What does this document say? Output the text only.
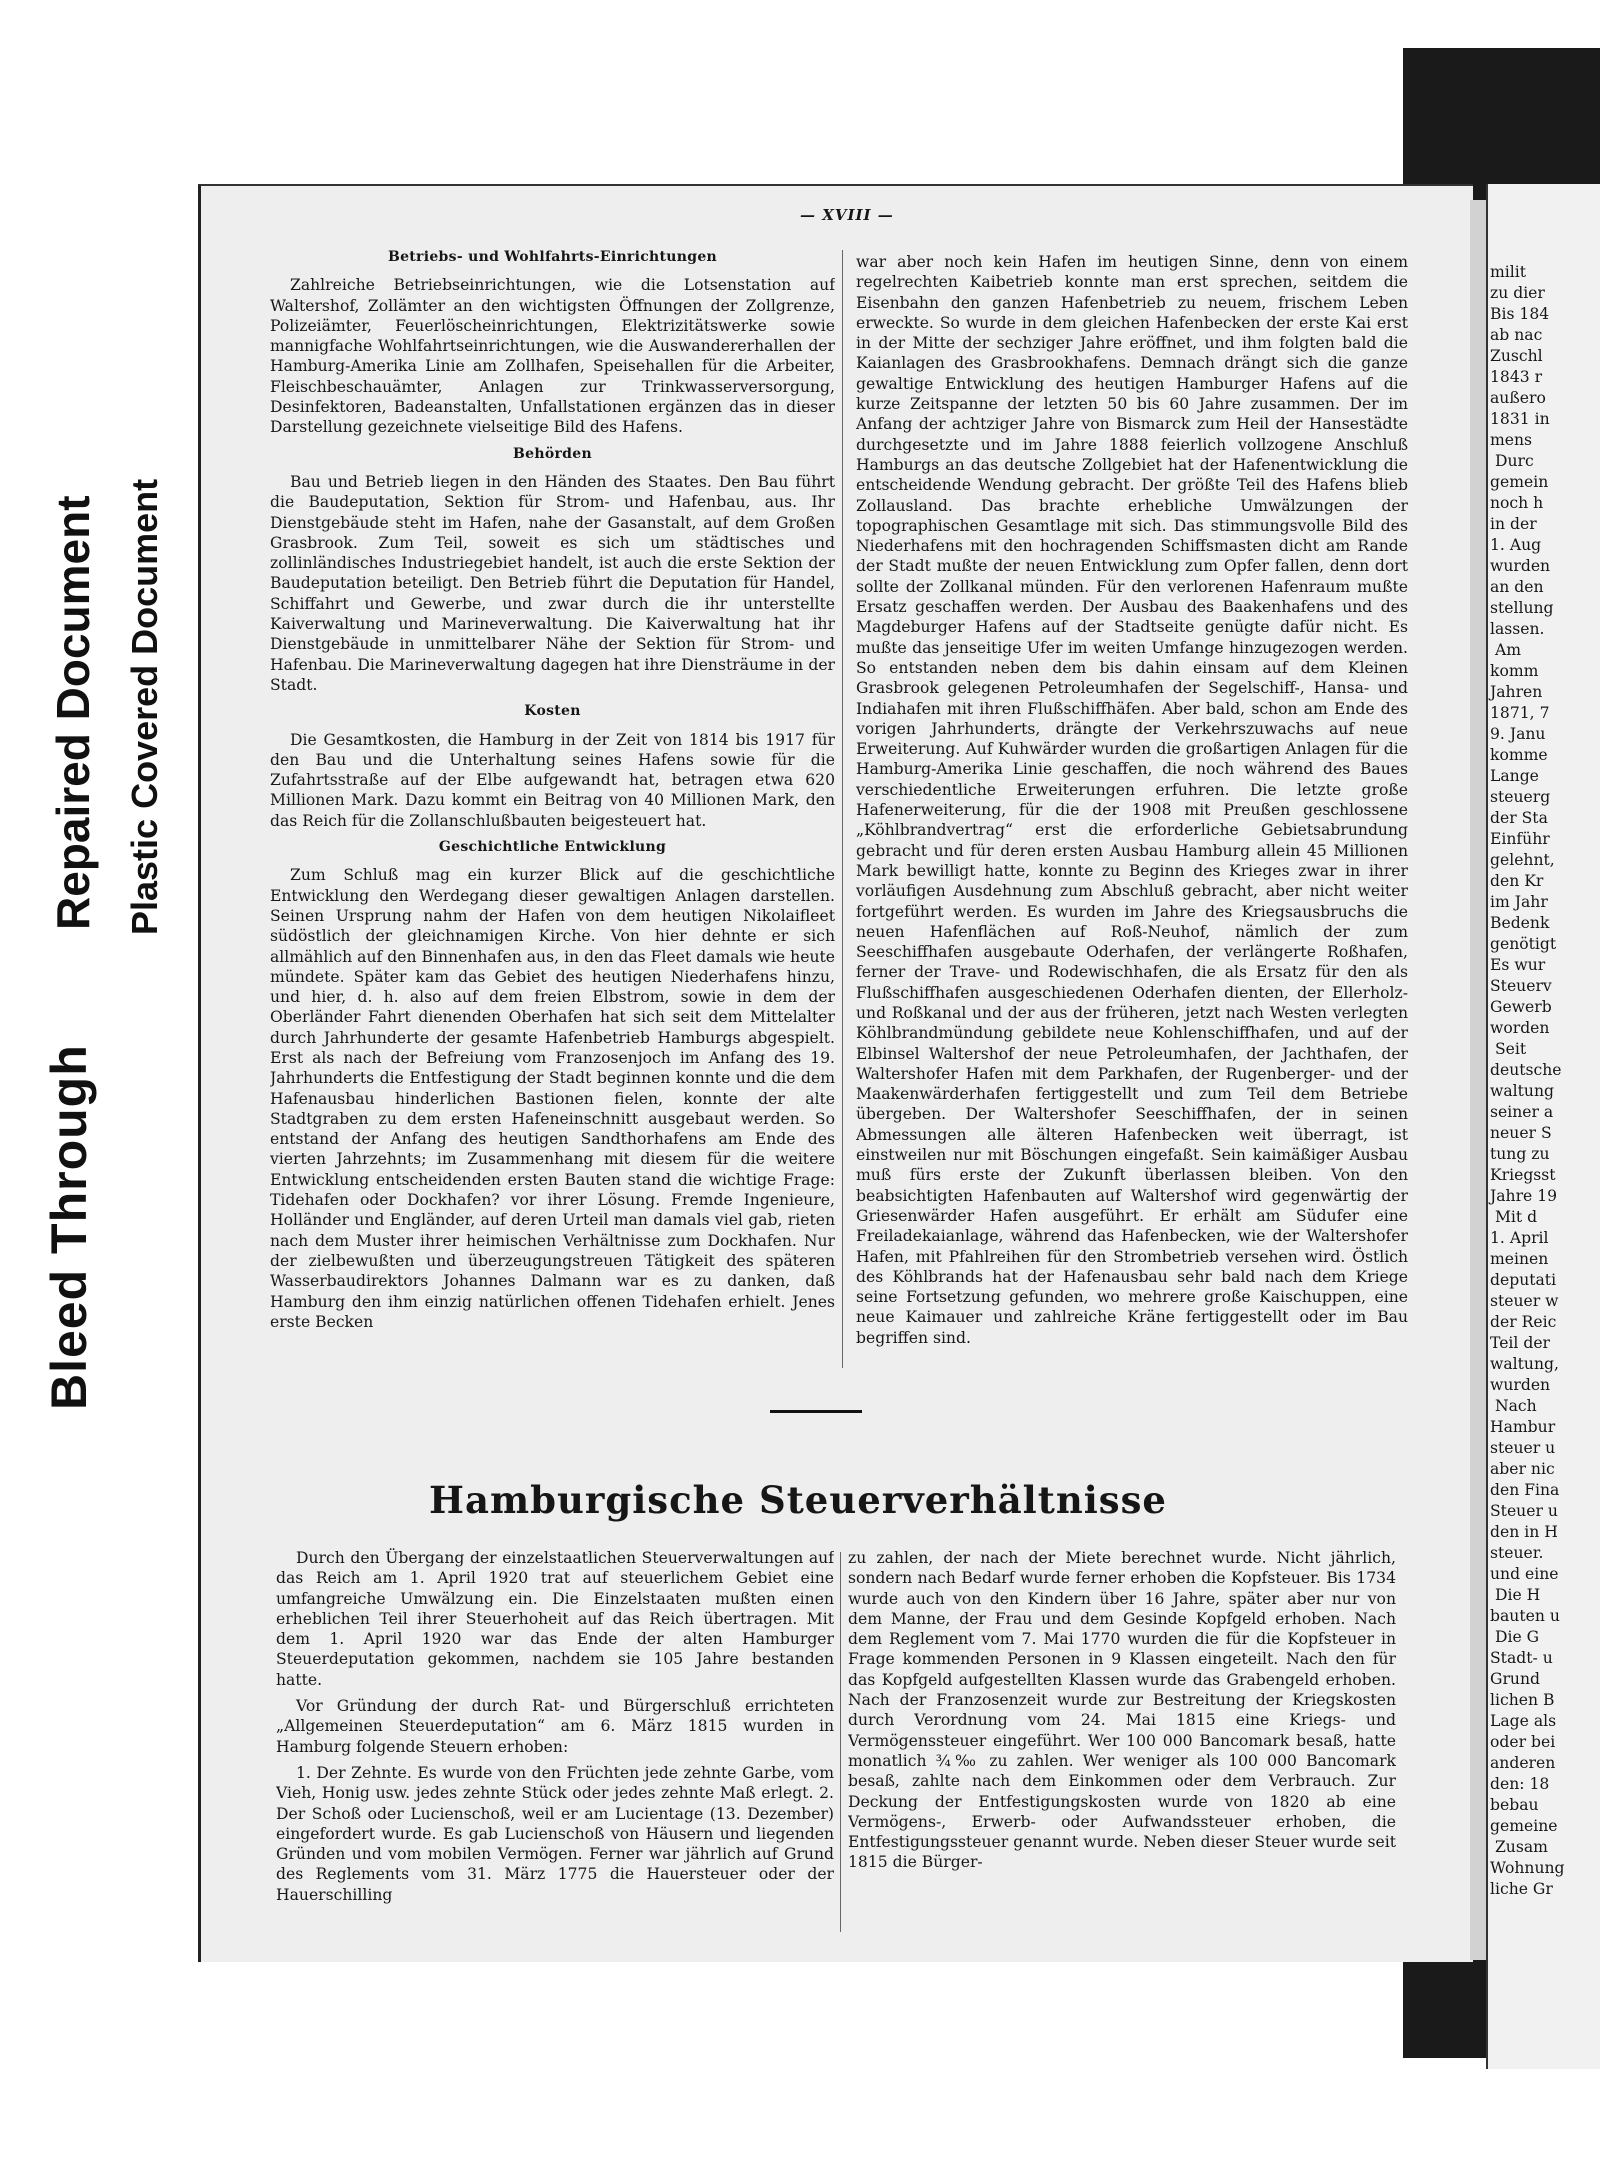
Bleed Through
Repaired Document Plastic Covered Document
— XVIII —
Betriebs- und Wohlfahrts-Einrichtungen

Zahlreiche Betriebseinrichtungen, wie die Lotsenstation auf Waltershof, Zollämter an den wichtigsten Öffnungen der Zollgrenze, Polizeiämter, Feuerlöscheinrichtungen, Elektrizitätswerke sowie mannigfache Wohlfahrtseinrichtungen, wie die Auswandererhallen der Hamburg-Amerika Linie am Zollhafen, Speisehallen für die Arbeiter, Fleischbeschauämter, Anlagen zur Trinkwasserversorgung, Desinfektoren, Badeanstalten, Unfallstationen ergänzen das in dieser Darstellung gezeichnete vielseitige Bild des Hafens.

Behörden

Bau und Betrieb liegen in den Händen des Staates. Den Bau führt die Baudeputation, Sektion für Strom- und Hafenbau, aus. Ihr Dienstgebäude steht im Hafen, nahe der Gasanstalt, auf dem Großen Grasbrook. Zum Teil, soweit es sich um städtisches und zollinländisches Industriegebiet handelt, ist auch die erste Sektion der Baudeputation beteiligt. Den Betrieb führt die Deputation für Handel, Schiffahrt und Gewerbe, und zwar durch die ihr unterstellte Kaiverwaltung und Marineverwaltung. Die Kaiverwaltung hat ihr Dienstgebäude in unmittelbarer Nähe der Sektion für Strom- und Hafenbau. Die Marineverwaltung dagegen hat ihre Diensträume in der Stadt.

Kosten

Die Gesamtkosten, die Hamburg in der Zeit von 1814 bis 1917 für den Bau und die Unterhaltung seines Hafens sowie für die Zufahrtsstraße auf der Elbe aufgewandt hat, betragen etwa 620 Millionen Mark. Dazu kommt ein Beitrag von 40 Millionen Mark, den das Reich für die Zollanschlußbauten beigesteuert hat.

Geschichtliche Entwicklung

Zum Schluß mag ein kurzer Blick auf die geschichtliche Entwicklung den Werdegang dieser gewaltigen Anlagen darstellen. Seinen Ursprung nahm der Hafen von dem heutigen Nikolaifleet südöstlich der gleichnamigen Kirche. Von hier dehnte er sich allmählich auf den Binnenhafen aus, in den das Fleet damals wie heute mündete. Später kam das Gebiet des heutigen Niederhafens hinzu, und hier, d. h. also auf dem freien Elbstrom, sowie in dem der Oberländer Fahrt dienenden Oberhafen hat sich seit dem Mittelalter durch Jahrhunderte der gesamte Hafenbetrieb Hamburgs abgespielt. Erst als nach der Befreiung vom Franzosenjoch im Anfang des 19. Jahrhunderts die Entfestigung der Stadt beginnen konnte und die dem Hafenausbau hinderlichen Bastionen fielen, konnte der alte Stadtgraben zu dem ersten Hafeneinschnitt ausgebaut werden. So entstand der Anfang des heutigen Sandthorhafens am Ende des vierten Jahrzehnts; im Zusammenhang mit diesem für die weitere Entwicklung entscheidenden ersten Bauten stand die wichtige Frage: Tidehafen oder Dockhafen? vor ihrer Lösung. Fremde Ingenieure, Holländer und Engländer, auf deren Urteil man damals viel gab, rieten nach dem Muster ihrer heimischen Verhältnisse zum Dockhafen. Nur der zielbewußten und überzeugungstreuen Tätigkeit des späteren Wasserbaudirektors Johannes Dalmann war es zu danken, daß Hamburg den ihm einzig natürlichen offenen Tidehafen erhielt. Jenes erste Becken

war aber noch kein Hafen im heutigen Sinne, denn von einem regelrechten Kaibetrieb konnte man erst sprechen, seitdem die Eisenbahn den ganzen Hafenbetrieb zu neuem, frischem Leben erweckte. So wurde in dem gleichen Hafenbecken der erste Kai erst in der Mitte der sechziger Jahre eröffnet, und ihm folgten bald die Kaianlagen des Grasbrookhafens. Demnach drängt sich die ganze gewaltige Entwicklung des heutigen Hamburger Hafens auf die kurze Zeitspanne der letzten 50 bis 60 Jahre zusammen. Der im Anfang der achtziger Jahre von Bismarck zum Heil der Hansestädte durchgesetzte und im Jahre 1888 feierlich vollzogene Anschluß Hamburgs an das deutsche Zollgebiet hat der Hafenentwicklung die entscheidende Wendung gebracht. Der größte Teil des Hafens blieb Zollausland. Das brachte erhebliche Umwälzungen der topographischen Gesamtlage mit sich. Das stimmungsvolle Bild des Niederhafens mit den hochragenden Schiffsmasten dicht am Rande der Stadt mußte der neuen Entwicklung zum Opfer fallen, denn dort sollte der Zollkanal münden. Für den verlorenen Hafenraum mußte Ersatz geschaffen werden. Der Ausbau des Baakenhafens und des Magdeburger Hafens auf der Stadtseite genügte dafür nicht. Es mußte das jenseitige Ufer im weiten Umfange hinzugezogen werden. So entstanden neben dem bis dahin einsam auf dem Kleinen Grasbrook gelegenen Petroleumhafen der Segelschiff-, Hansa- und Indiahafen mit ihren Flußschiffhäfen. Aber bald, schon am Ende des vorigen Jahrhunderts, drängte der Verkehrszuwachs auf neue Erweiterung. Auf Kuhwärder wurden die großartigen Anlagen für die Hamburg-Amerika Linie geschaffen, die noch während des Baues verschiedentliche Erweiterungen erfuhren. Die letzte große Hafenerweiterung, für die der 1908 mit Preußen geschlossene „Köhlbrandvertrag“ erst die erforderliche Gebietsabrundung gebracht und für deren ersten Ausbau Hamburg allein 45 Millionen Mark bewilligt hatte, konnte zu Beginn des Krieges zwar in ihrer vorläufigen Ausdehnung zum Abschluß gebracht, aber nicht weiter fortgeführt werden. Es wurden im Jahre des Kriegsausbruchs die neuen Hafenflächen auf Roß-Neuhof, nämlich der zum Seeschiffhafen ausgebaute Oderhafen, der verlängerte Roßhafen, ferner der Trave- und Rodewischhafen, die als Ersatz für den als Flußschiffhafen ausgeschiedenen Oderhafen dienten, der Ellerholz- und Roßkanal und der aus der früheren, jetzt nach Westen verlegten Köhlbrandmündung gebildete neue Kohlenschiffhafen, und auf der Elbinsel Waltershof der neue Petroleumhafen, der Jachthafen, der Waltershofer Hafen mit dem Parkhafen, der Rugenberger- und der Maakenwärderhafen fertiggestellt und zum Teil dem Betriebe übergeben. Der Waltershofer Seeschiffhafen, der in seinen Abmessungen alle älteren Hafenbecken weit überragt, ist einstweilen nur mit Böschungen eingefaßt. Sein kaimäßiger Ausbau muß fürs erste der Zukunft überlassen bleiben. Von den beabsichtigten Hafenbauten auf Waltershof wird gegenwärtig der Griesenwärder Hafen ausgeführt. Er erhält am Südufer eine Freiladekaianlage, während das Hafenbecken, wie der Waltershofer Hafen, mit Pfahlreihen für den Strombetrieb versehen wird. Östlich des Köhlbrands hat der Hafenausbau sehr bald nach dem Kriege seine Fortsetzung gefunden, wo mehrere große Kaischuppen, eine neue Kaimauer und zahlreiche Kräne fertiggestellt oder im Bau begriffen sind.

Hamburgische Steuerverhältnisse

Durch den Übergang der einzelstaatlichen Steuerverwaltungen auf das Reich am 1. April 1920 trat auf steuerlichem Gebiet eine umfangreiche Umwälzung ein. Die Einzelstaaten mußten einen erheblichen Teil ihrer Steuerhoheit auf das Reich übertragen. Mit dem 1. April 1920 war das Ende der alten Hamburger Steuerdeputation gekommen, nachdem sie 105 Jahre bestanden hatte.

Vor Gründung der durch Rat- und Bürgerschluß errichteten „Allgemeinen Steuerdeputation“ am 6. März 1815 wurden in Hamburg folgende Steuern erhoben:

1. Der Zehnte. Es wurde von den Früchten jede zehnte Garbe, vom Vieh, Honig usw. jedes zehnte Stück oder jedes zehnte Maß erlegt. 2. Der Schoß oder Lucienschoß, weil er am Lucientage (13. Dezember) eingefordert wurde. Es gab Lucienschoß von Häusern und liegenden Gründen und vom mobilen Vermögen. Ferner war jährlich auf Grund des Reglements vom 31. März 1775 die Hauersteuer oder der Hauerschilling

zu zahlen, der nach der Miete berechnet wurde. Nicht jährlich, sondern nach Bedarf wurde ferner erhoben die Kopfsteuer. Bis 1734 wurde auch von den Kindern über 16 Jahre, später aber nur von dem Manne, der Frau und dem Gesinde Kopfgeld erhoben. Nach dem Reglement vom 7. Mai 1770 wurden die für die Kopfsteuer in Frage kommenden Personen in 9 Klassen eingeteilt. Nach den für das Kopfgeld aufgestellten Klassen wurde das Grabengeld erhoben. Nach der Franzosenzeit wurde zur Bestreitung der Kriegskosten durch Verordnung vom 24. Mai 1815 eine Kriegs- und Vermögenssteuer eingeführt. Wer 100 000 Bancomark besaß, hatte monatlich ¾‰ zu zahlen. Wer weniger als 100 000 Bancomark besaß, zahlte nach dem Einkommen oder dem Verbrauch. Zur Deckung der Entfestigungskosten wurde von 1820 ab eine Vermögens-, Erwerb- oder Aufwandssteuer erhoben, die Entfestigungssteuer genannt wurde. Neben dieser Steuer wurde seit 1815 die Bürger-

milit
zu dier
Bis 184
ab nac
Zuschl
1843 r
außero
1831 in
mens
Durc
gemein
noch h
in der
1. Aug
wurden
an den
stellung
lassen.
Am
komm
Jahren
1871, 7
9. Janu
komme
Lange
steuerg
der Sta
Einführ
gelehnt,
den Kr
im Jahr
Bedenk
genötigt
Es wur
Steuerv
Gewerb
worden
Seit
deutsche
waltung
seiner a
neuer S
tung zu
Kriegsst
Jahre 19
Mit d
1. April
meinen
deputati
steuer w
der Reic
Teil der
waltung,
wurden
Nach
Hambur
steuer u
aber nic
den Fina
Steuer u
den in H
steuer.
und eine
Die H
bauten u
Die G
Stadt- u
Grund
lichen B
Lage als
oder bei
anderen
den: 18
bebau
gemeine
Zusam
Wohnung
liche Gr
